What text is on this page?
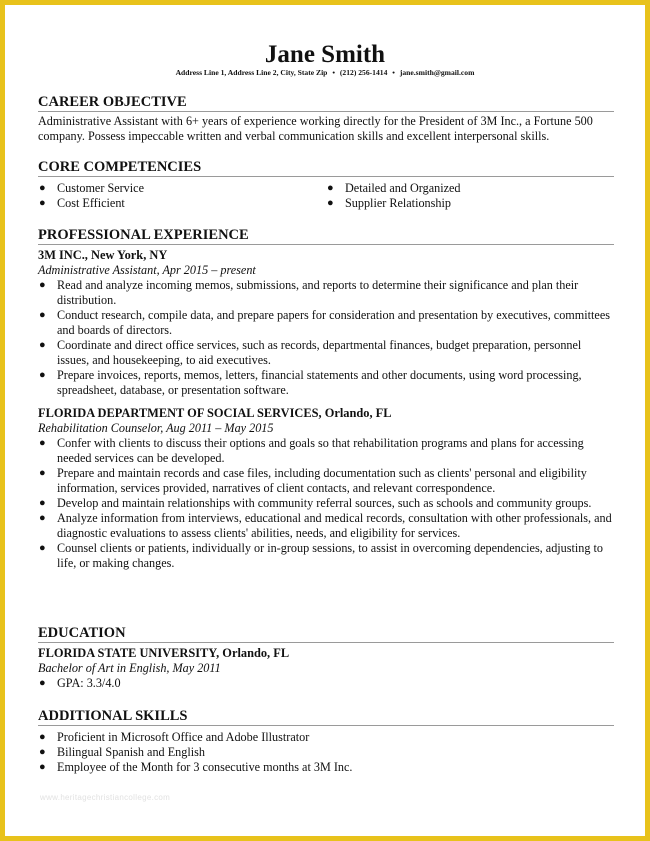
Jane Smith
Address Line 1, Address Line 2, City, State Zip • (212) 256-1414 • jane.smith@gmail.com
CAREER OBJECTIVE
Administrative Assistant with 6+ years of experience working directly for the President of 3M Inc., a Fortune 500 company. Possess impeccable written and verbal communication skills and excellent interpersonal skills.
CORE COMPETENCIES
● Customer Service
● Cost Efficient
● Detailed and Organized
● Supplier Relationship
PROFESSIONAL EXPERIENCE
3M INC., New York, NY
Administrative Assistant, Apr 2015 – present
● Read and analyze incoming memos, submissions, and reports to determine their significance and plan their distribution.
● Conduct research, compile data, and prepare papers for consideration and presentation by executives, committees and boards of directors.
● Coordinate and direct office services, such as records, departmental finances, budget preparation, personnel issues, and housekeeping, to aid executives.
● Prepare invoices, reports, memos, letters, financial statements and other documents, using word processing, spreadsheet, database, or presentation software.
FLORIDA DEPARTMENT OF SOCIAL SERVICES, Orlando, FL
Rehabilitation Counselor, Aug 2011 – May 2015
● Confer with clients to discuss their options and goals so that rehabilitation programs and plans for accessing needed services can be developed.
● Prepare and maintain records and case files, including documentation such as clients' personal and eligibility information, services provided, narratives of client contacts, and relevant correspondence.
● Develop and maintain relationships with community referral sources, such as schools and community groups.
● Analyze information from interviews, educational and medical records, consultation with other professionals, and diagnostic evaluations to assess clients' abilities, needs, and eligibility for services.
● Counsel clients or patients, individually or in-group sessions, to assist in overcoming dependencies, adjusting to life, or making changes.
EDUCATION
FLORIDA STATE UNIVERSITY, Orlando, FL
Bachelor of Art in English, May 2011
● GPA: 3.3/4.0
ADDITIONAL SKILLS
● Proficient in Microsoft Office and Adobe Illustrator
● Bilingual Spanish and English
● Employee of the Month for 3 consecutive months at 3M Inc.
www.heritagechristiancollege.com
